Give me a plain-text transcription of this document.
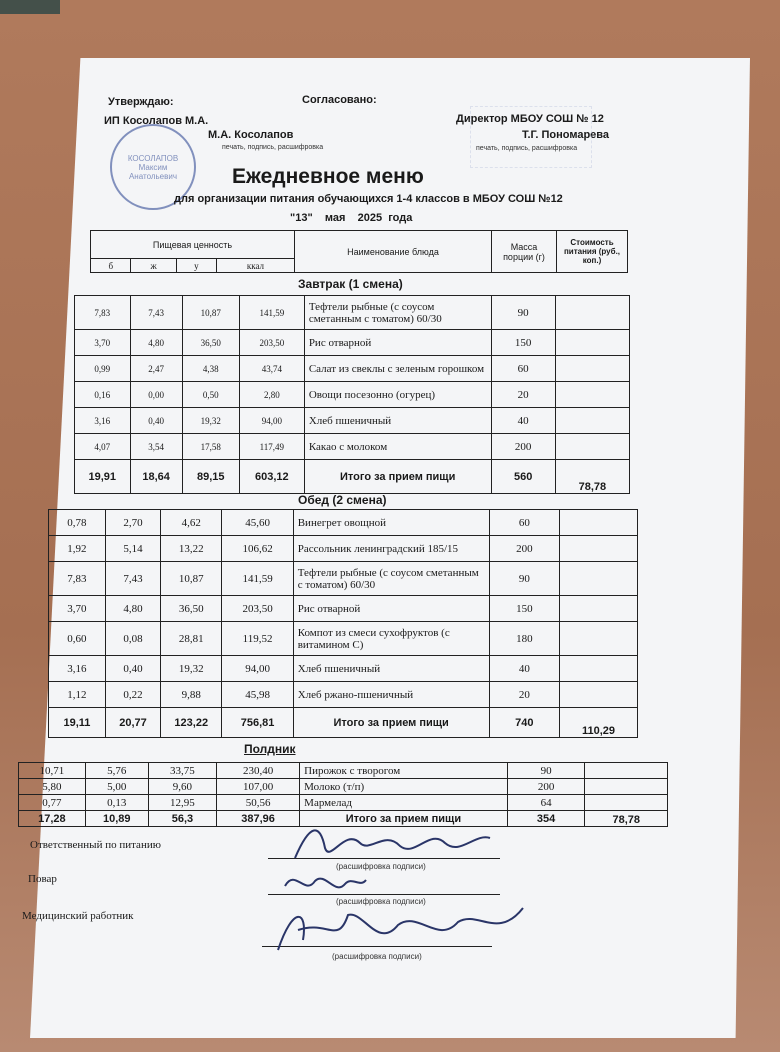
Утверждаю:	Согласовано:
ИП Косолапов М.А.
М.А. Косолапов
печать, подпись, расшифровка
Директор МБОУ СОШ № 12
Т.Г. Пономарева
печать, подпись, расшифровка
КОСОЛАПОВ
Максим
Анатольевич	Ежедневное меню
для организации питания обучающихся 1-4 классов в МБОУ СОШ №12
"13"    мая    2025  года
Пищевая ценность				Наименование блюда	Масса порции (г)	Стоимость питания (руб., коп.)
б	ж	у	ккал			
Завтрак (1 смена)
7,83	7,43	10,87	141,59	Тефтели рыбные (с соусом сметанным с томатом) 60/30	90	
3,70	4,80	36,50	203,50	Рис отварной	150	
0,99	2,47	4,38	43,74	Салат из свеклы с зеленым горошком	60	
0,16	0,00	0,50	2,80	Овощи посезонно (огурец)	20	
3,16	0,40	19,32	94,00	Хлеб пшеничный	40	
4,07	3,54	17,58	117,49	Какао с молоком	200	
19,91	18,64	89,15	603,12	Итого за прием пищи	560	78,78
Обед (2 смена)
0,78	2,70	4,62	45,60	Винегрет овощной	60	
1,92	5,14	13,22	106,62	Рассольник ленинградский 185/15	200	
7,83	7,43	10,87	141,59	Тефтели рыбные (с соусом сметанным с томатом) 60/30	90	
3,70	4,80	36,50	203,50	Рис отварной	150	
0,60	0,08	28,81	119,52	Компот из смеси сухофруктов (с витамином С)	180	
3,16	0,40	19,32	94,00	Хлеб пшеничный	40	
1,12	0,22	9,88	45,98	Хлеб ржано-пшеничный	20	
19,11	20,77	123,22	756,81	Итого за прием пищи	740	110,29
Полдник
10,71	5,76	33,75	230,40	Пирожок с творогом	90	
5,80	5,00	9,60	107,00	Молоко (т/п)	200	
0,77	0,13	12,95	50,56	Мармелад	64	
17,28	10,89	56,3	387,96	Итого за прием пищи	354	78,78
Ответственный по питанию
(расшифровка подписи)
Повар
(расшифровка подписи)
Медицинский работник
(расшифровка подписи)
